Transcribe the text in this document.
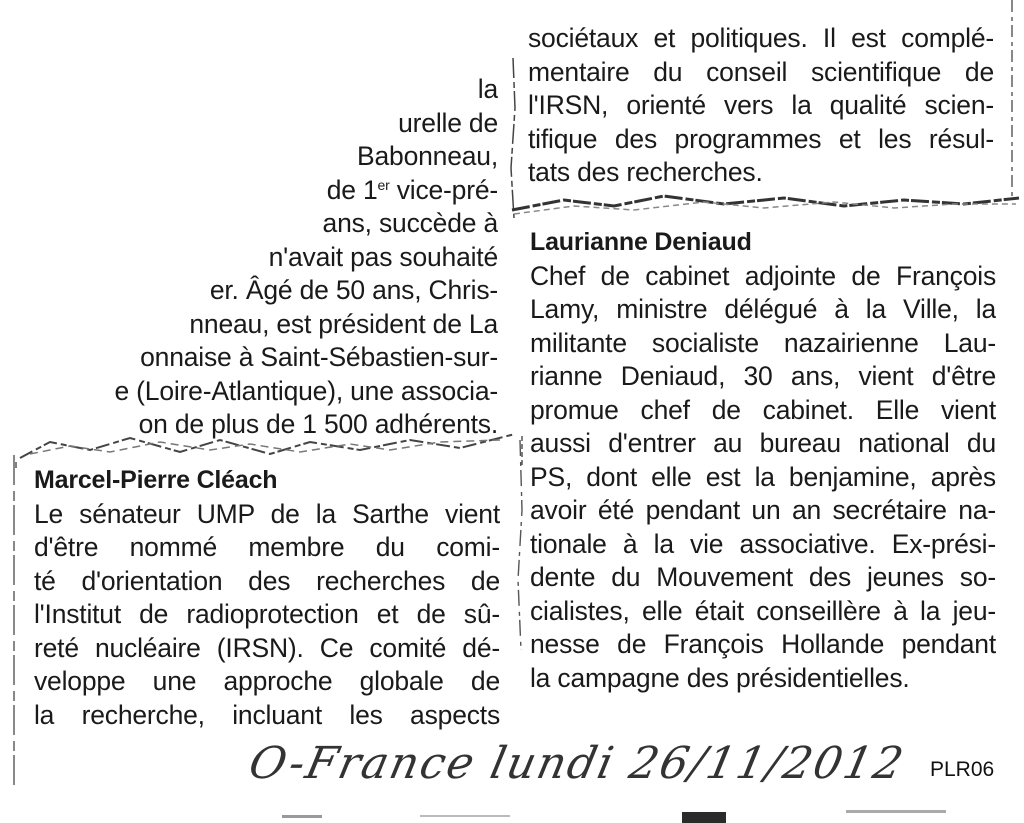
la
urelle de
Babonneau,
de 1er vice-pré-
ans, succède à
n'avait pas souhaité
er. Âgé de 50 ans, Chris-
nneau, est président de La
onnaise à Saint-Sébastien-sur-
e (Loire-Atlantique), une associa-
on de plus de 1 500 adhérents.
Marcel-Pierre Cléach
Le sénateur UMP de la Sarthe vient
d'être nommé membre du comi-
té d'orientation des recherches de
l'Institut de radioprotection et de sû-
reté nucléaire (IRSN). Ce comité dé-
veloppe une approche globale de
la recherche, incluant les aspects
sociétaux et politiques. Il est complé-
mentaire du conseil scientifique de
l'IRSN, orienté vers la qualité scien-
tifique des programmes et les résul-
tats des recherches.
Laurianne Deniaud
Chef de cabinet adjointe de François
Lamy, ministre délégué à la Ville, la
militante socialiste nazairienne Lau-
rianne Deniaud, 30 ans, vient d'être
promue chef de cabinet. Elle vient
aussi d'entrer au bureau national du
PS, dont elle est la benjamine, après
avoir été pendant un an secrétaire na-
tionale à la vie associative. Ex-prési-
dente du Mouvement des jeunes so-
cialistes, elle était conseillère à la jeu-
nesse de François Hollande pendant
la campagne des présidentielles.
O-France lundi 26/11/2012 PLR06
